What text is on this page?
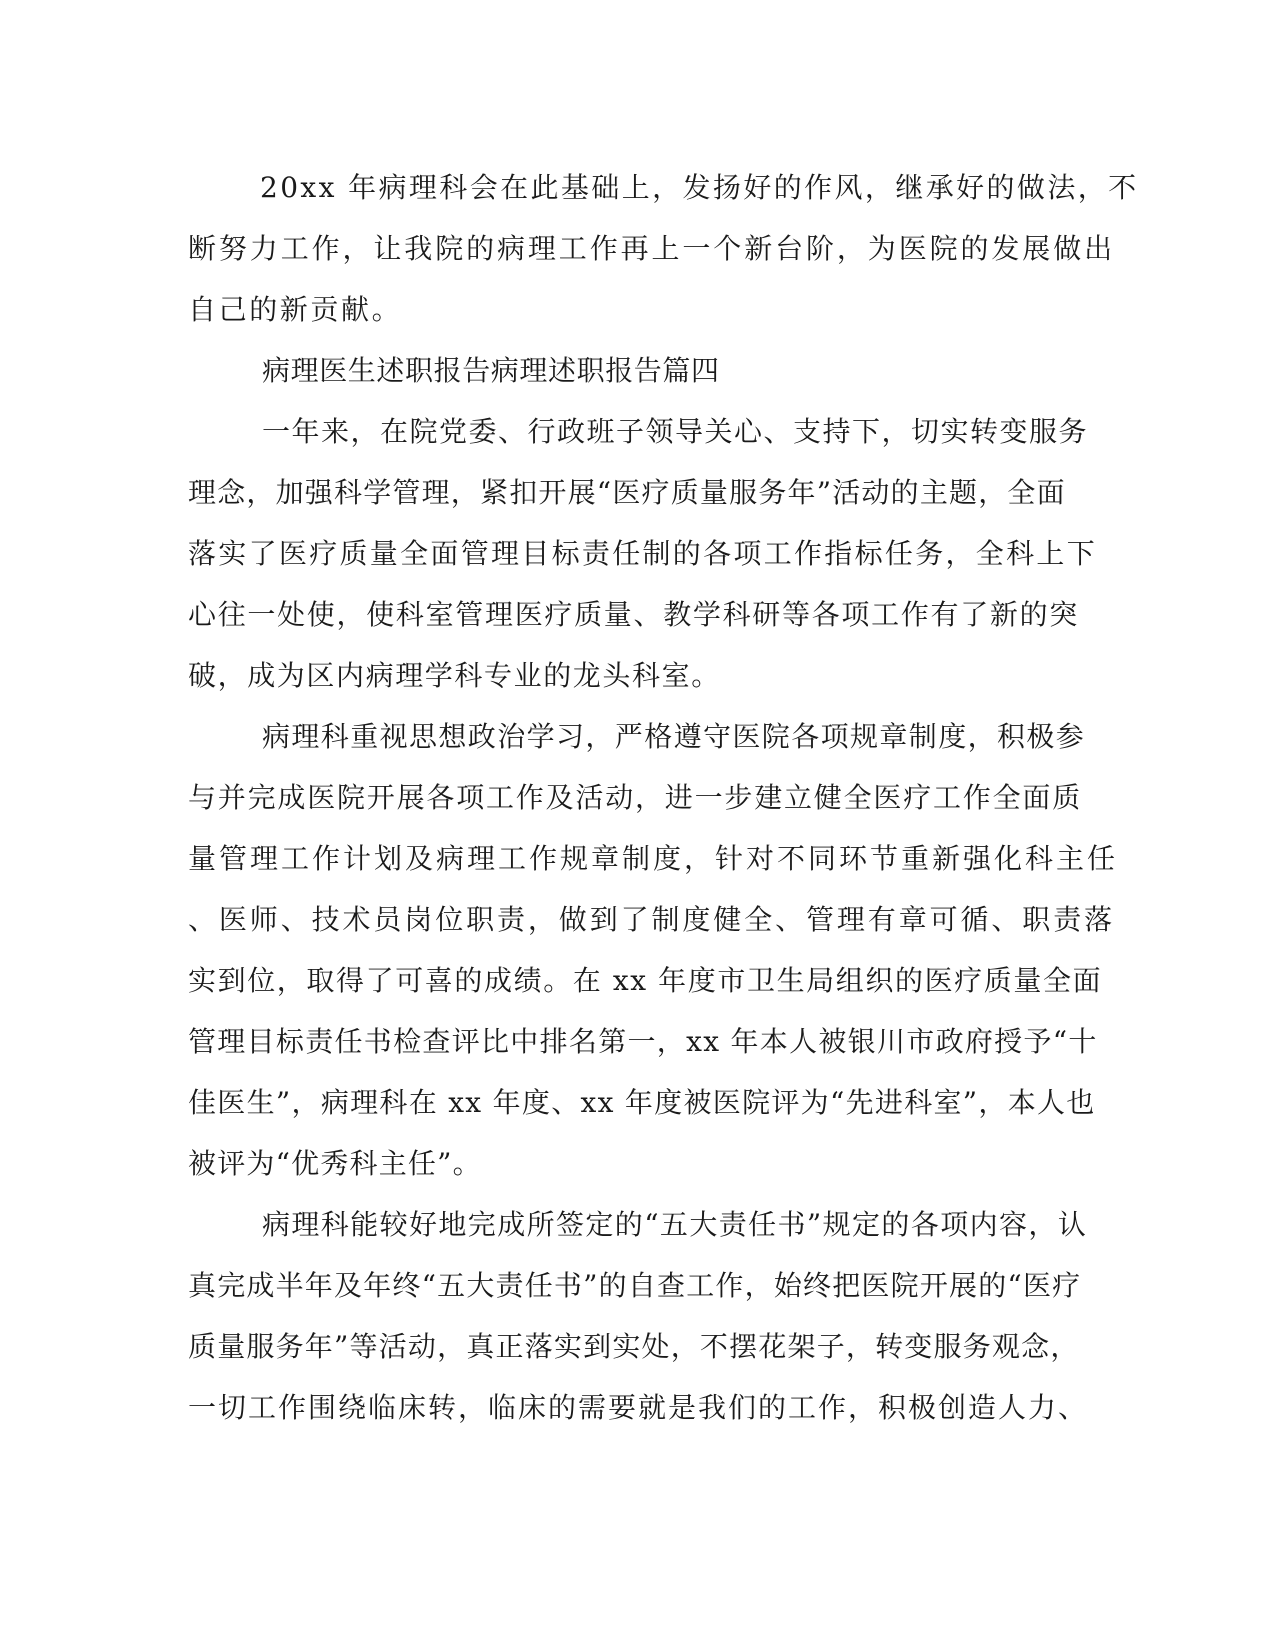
20xx 年病理科会在此基础上，发扬好的作风，继承好的做法，不

断努力工作，让我院的病理工作再上一个新台阶，为医院的发展做出

自己的新贡献。

病理医生述职报告病理述职报告篇四

一年来，在院党委、行政班子领导关心、支持下，切实转变服务

理念，加强科学管理，紧扣开展“医疗质量服务年”活动的主题，全面

落实了医疗质量全面管理目标责任制的各项工作指标任务，全科上下

心往一处使，使科室管理医疗质量、教学科研等各项工作有了新的突

破，成为区内病理学科专业的龙头科室。

病理科重视思想政治学习，严格遵守医院各项规章制度，积极参

与并完成医院开展各项工作及活动，进一步建立健全医疗工作全面质

量管理工作计划及病理工作规章制度，针对不同环节重新强化科主任

、医师、技术员岗位职责，做到了制度健全、管理有章可循、职责落

实到位，取得了可喜的成绩。在 xx 年度市卫生局组织的医疗质量全面

管理目标责任书检查评比中排名第一，xx 年本人被银川市政府授予“十

佳医生”，病理科在 xx 年度、xx 年度被医院评为“先进科室”，本人也

被评为“优秀科主任”。

病理科能较好地完成所签定的“五大责任书”规定的各项内容，认

真完成半年及年终“五大责任书”的自查工作，始终把医院开展的“医疗

质量服务年”等活动，真正落实到实处，不摆花架子，转变服务观念，

一切工作围绕临床转，临床的需要就是我们的工作，积极创造人力、
